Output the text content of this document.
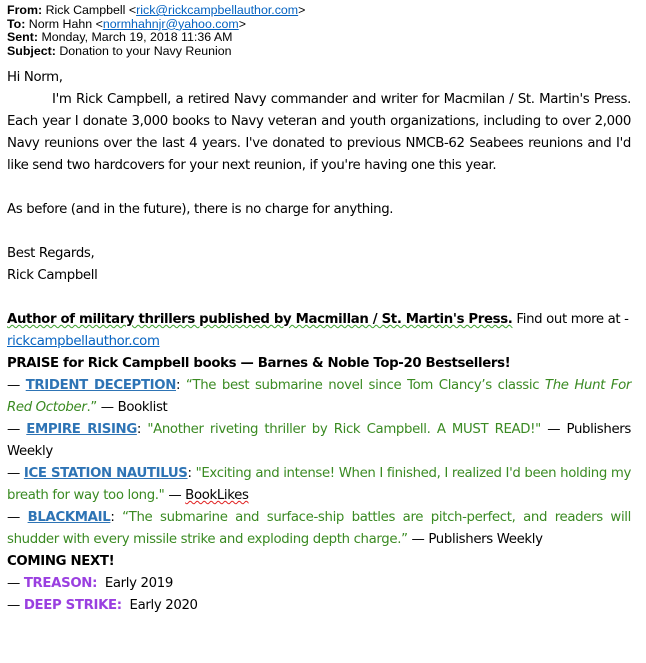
From: Rick Campbell <rick@rickcampbellauthor.com>
To: Norm Hahn <normhahnjr@yahoo.com>
Sent: Monday, March 19, 2018 11:36 AM
Subject: Donation to your Navy Reunion

Hi Norm,

I'm Rick Campbell, a retired Navy commander and writer for Macmilan / St. Martin's Press. Each year I donate 3,000 books to Navy veteran and youth organizations, including to over 2,000 Navy reunions over the last 4 years. I've donated to previous NMCB-62 Seabees reunions and I'd like send two hardcovers for your next reunion, if you're having one this year.

As before (and in the future), there is no charge for anything.

Best Regards,

Rick Campbell

Author of military thrillers published by Macmillan / St. Martin's Press. Find out more at - rickcampbellauthor.com

PRAISE for Rick Campbell books — Barnes & Noble Top-20 Bestsellers!

— TRIDENT DECEPTION: “The best submarine novel since Tom Clancy’s classic The Hunt For Red October.” — Booklist

— EMPIRE RISING: "Another riveting thriller by Rick Campbell. A MUST READ!" — Publishers Weekly

— ICE STATION NAUTILUS: "Exciting and intense! When I finished, I realized I'd been holding my breath for way too long." — BookLikes

— BLACKMAIL: “The submarine and surface-ship battles are pitch-perfect, and readers will shudder with every missile strike and exploding depth charge.” — Publishers Weekly

COMING NEXT!

— TREASON: Early 2019

— DEEP STRIKE: Early 2020
